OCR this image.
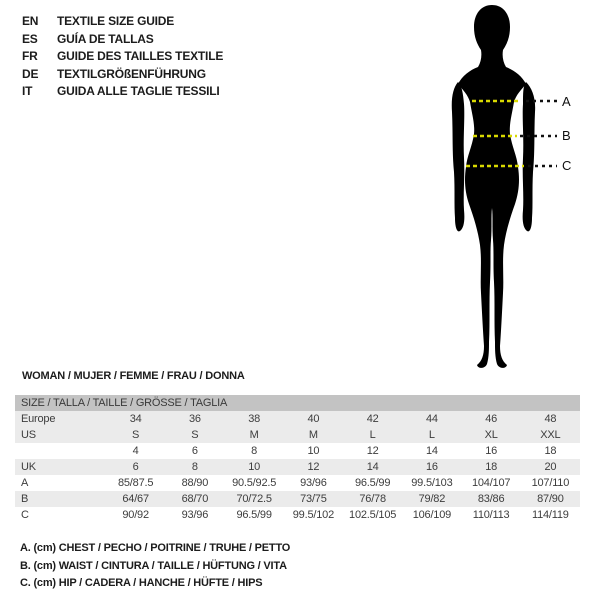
EN TEXTILE SIZE GUIDE
ES GUÍA DE TALLAS
FR GUIDE DES TAILLES TEXTILE
DE TEXTILGRÖßENFÜHRUNG
IT GUIDA ALLE TAGLIE TESSILI
A
B
C
WOMAN / MUJER / FEMME / FRAU / DONNA
SIZE / TALLA / TAILLE / GRÖSSE / TAGLIA
Europe	34	36	38	40	42	44	46	48
US	S	S	M	M	L	L	XL	XXL
	4	6	8	10	12	14	16	18
UK	6	8	10	12	14	16	18	20
A	85/87.5	88/90	90.5/92.5	93/96	96.5/99	99.5/103	104/107	107/110
B	64/67	68/70	70/72.5	73/75	76/78	79/82	83/86	87/90
C	90/92	93/96	96.5/99	99.5/102	102.5/105	106/109	110/113	114/119
A. (cm) CHEST / PECHO / POITRINE / TRUHE / PETTO
B. (cm) WAIST / CINTURA / TAILLE / HÜFTUNG / VITA
C. (cm) HIP / CADERA / HANCHE / HÜFTE / HIPS
